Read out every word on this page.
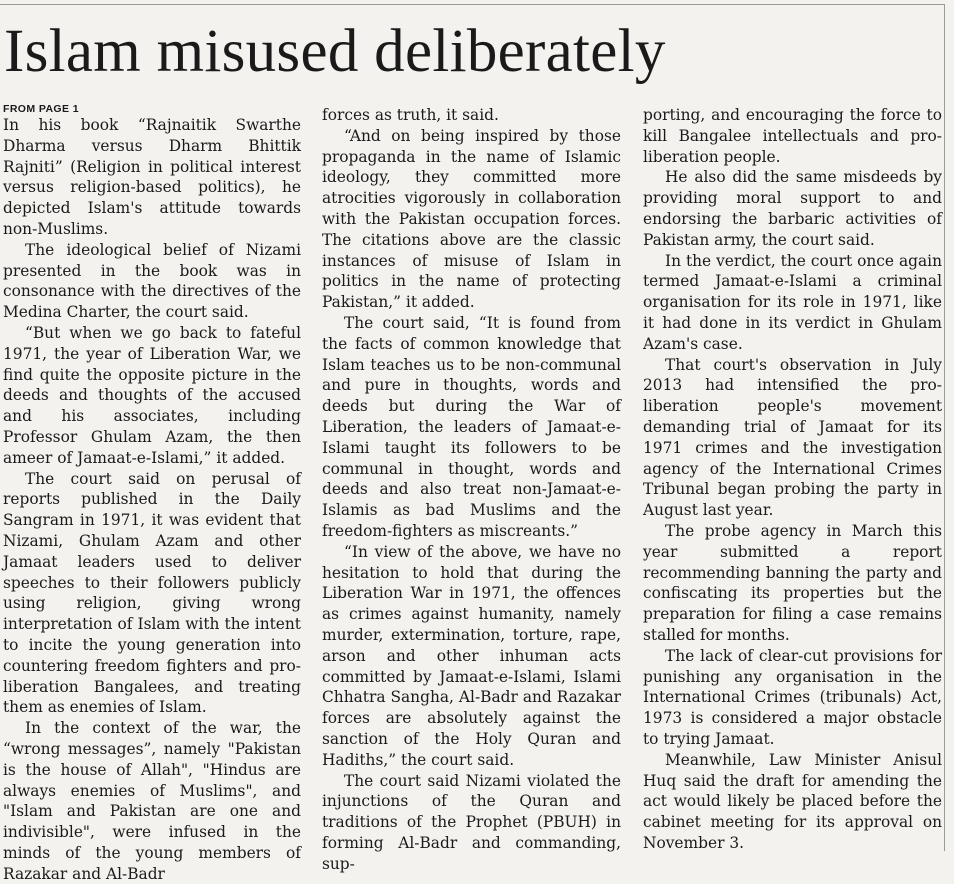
Islam misused deliberately
FROM PAGE 1

In his book “Rajnaitik Swarthe Dharma versus Dharm Bhittik Rajniti” (Religion in political interest versus religion-based politics), he depicted Islam's attitude towards non-Muslims.

The ideological belief of Nizami presented in the book was in consonance with the directives of the Medina Charter, the court said.

“But when we go back to fateful 1971, the year of Liberation War, we find quite the opposite picture in the deeds and thoughts of the accused and his associates, including Professor Ghulam Azam, the then ameer of Jamaat-e-Islami,” it added.

The court said on perusal of reports published in the Daily Sangram in 1971, it was evident that Nizami, Ghulam Azam and other Jamaat leaders used to deliver speeches to their followers publicly using religion, giving wrong interpretation of Islam with the intent to incite the young generation into countering freedom fighters and pro-liberation Bangalees, and treating them as enemies of Islam.

In the context of the war, the “wrong messages”, namely "Pakistan is the house of Allah", "Hindus are always enemies of Muslims", and "Islam and Pakistan are one and indivisible", were infused in the minds of the young members of Razakar and Al-Badr

forces as truth, it said.

“And on being inspired by those propaganda in the name of Islamic ideology, they committed more atrocities vigorously in collaboration with the Pakistan occupation forces. The citations above are the classic instances of misuse of Islam in politics in the name of protecting Pakistan,” it added.

The court said, “It is found from the facts of common knowledge that Islam teaches us to be non-communal and pure in thoughts, words and deeds but during the War of Liberation, the leaders of Jamaat-e-Islami taught its followers to be communal in thought, words and deeds and also treat non-Jamaat-e-Islamis as bad Muslims and the freedom-fighters as miscreants.”

“In view of the above, we have no hesitation to hold that during the Liberation War in 1971, the offences as crimes against humanity, namely murder, extermination, torture, rape, arson and other inhuman acts committed by Jamaat-e-Islami, Islami Chhatra Sangha, Al-Badr and Razakar forces are absolutely against the sanction of the Holy Quran and Hadiths,” the court said.

The court said Nizami violated the injunctions of the Quran and traditions of the Prophet (PBUH) in forming Al-Badr and commanding, sup-

porting, and encouraging the force to kill Bangalee intellectuals and pro-liberation people.

He also did the same misdeeds by providing moral support to and endorsing the barbaric activities of Pakistan army, the court said.

In the verdict, the court once again termed Jamaat-e-Islami a criminal organisation for its role in 1971, like it had done in its verdict in Ghulam Azam's case.

That court's observation in July 2013 had intensified the pro-liberation people's movement demanding trial of Jamaat for its 1971 crimes and the investigation agency of the International Crimes Tribunal began probing the party in August last year.

The probe agency in March this year submitted a report recommending banning the party and confiscating its properties but the preparation for filing a case remains stalled for months.

The lack of clear-cut provisions for punishing any organisation in the International Crimes (tribunals) Act, 1973 is considered a major obstacle to trying Jamaat.

Meanwhile, Law Minister Anisul Huq said the draft for amending the act would likely be placed before the cabinet meeting for its approval on November 3.
